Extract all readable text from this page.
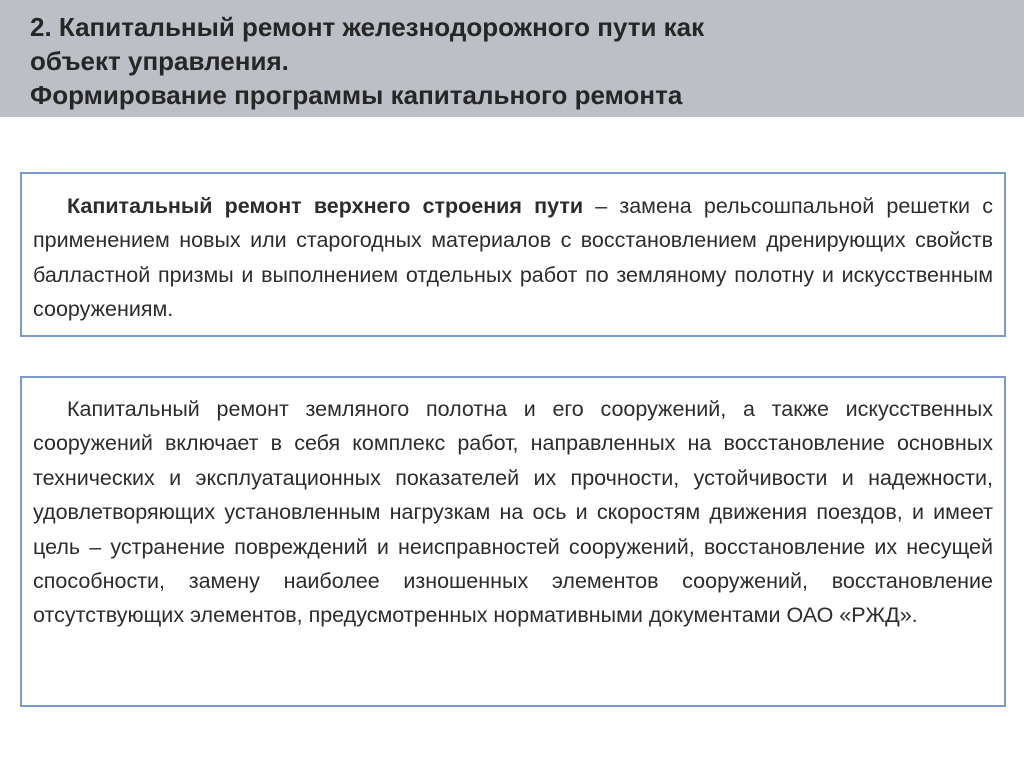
2. Капитальный ремонт железнодорожного пути как
объект управления.
Формирование программы капитального ремонта

Капитальный ремонт верхнего строения пути – замена рельсошпальной решетки с применением новых или старогодных материалов с восстановлением дренирующих свойств балластной призмы и выполнением отдельных работ по земляному полотну и искусственным сооружениям.

Капитальный ремонт земляного полотна и его сооружений, а также искусственных сооружений включает в себя комплекс работ, направленных на восстановление основных технических и эксплуатационных показателей их прочности, устойчивости и надежности, удовлетворяющих установленным нагрузкам на ось и скоростям движения поездов, и имеет цель – устранение повреждений и неисправностей сооружений, восстановление их несущей способности, замену наиболее изношенных элементов сооружений, восстановление отсутствующих элементов, предусмотренных нормативными документами ОАО «РЖД».
